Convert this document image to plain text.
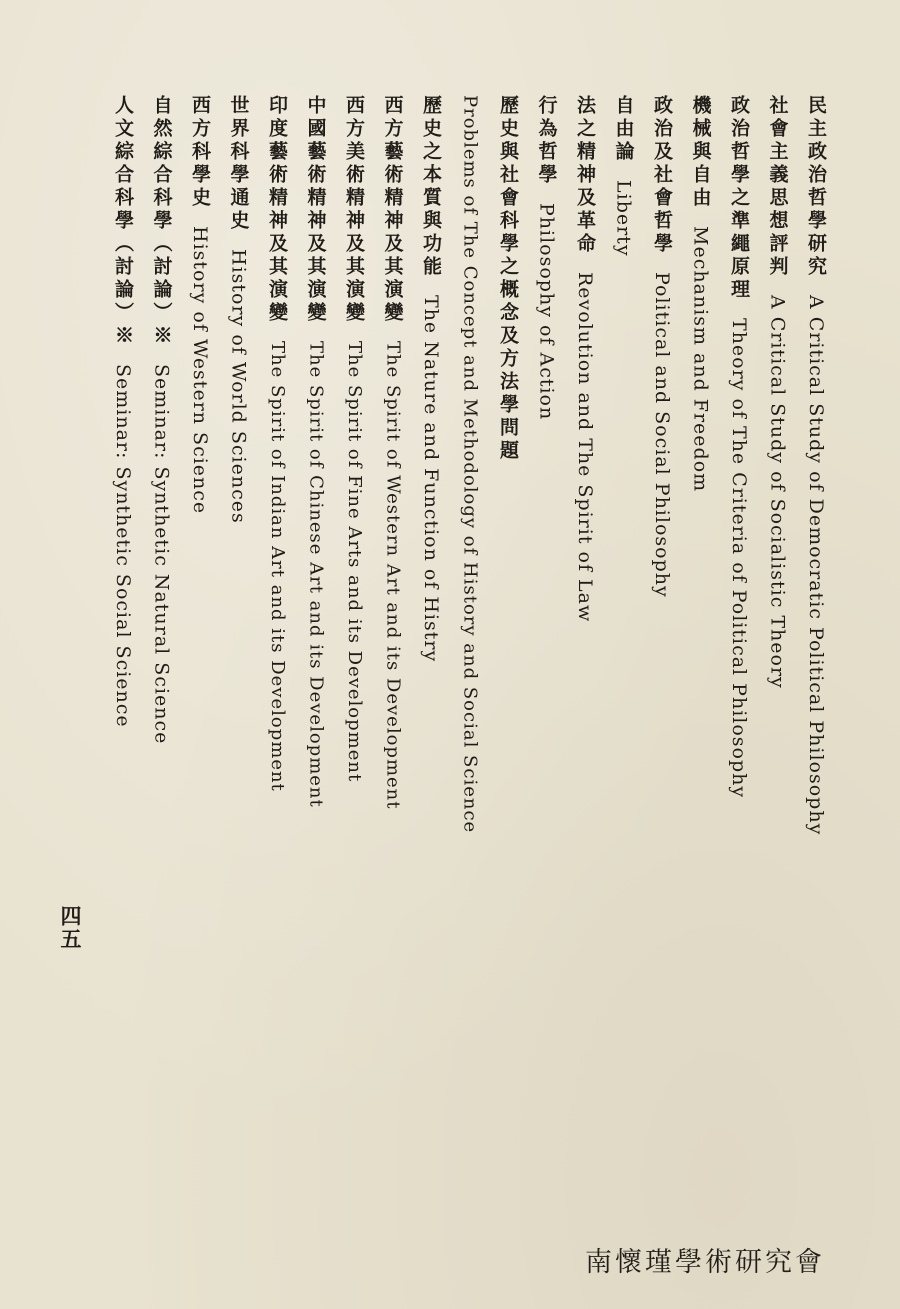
民主政治哲學研究A Critical Study of Democratic Political Philosophy
社會主義思想評判A Critical Study of Socialistic Theory
政治哲學之準繩原理Theory of The Criteria of Political Philosophy
機械與自由Mechanism and Freedom
政治及社會哲學Political and Social Philosophy
自由論Liberty
法之精神及革命Revolution and The Spirit of Law
行為哲學Philosophy of Action
歷史與社會科學之概念及方法學問題
Problems of The Concept and Methodology of History and Social Science
歷史之本質與功能The Nature and Function of Histry
西方藝術精神及其演變The Spirit of Western Art and its Development
西方美術精神及其演變The Spirit of Fine Arts and its Development
中國藝術精神及其演變The Spirit of Chinese Art and its Development
印度藝術精神及其演變The Spirit of Indian Art and its Development
世界科學通史History of World Sciences
西方科學史History of Western Science
自然綜合科學（討論）※Seminar: Synthetic Natural Science
人文綜合科學（討論）※Seminar: Synthetic Social Science
四五
南懷瑾學術研究會
